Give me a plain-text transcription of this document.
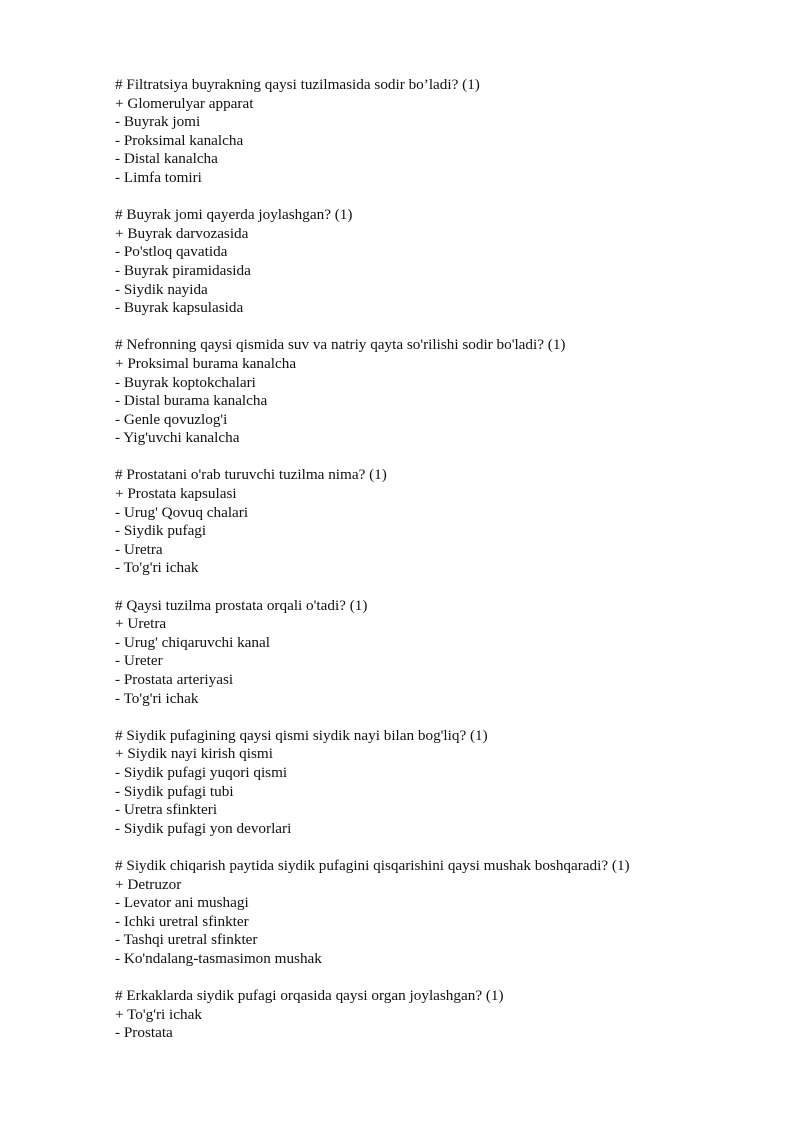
# Filtratsiya buyrakning qaysi tuzilmasida sodir bo’ladi? (1)
+ Glomerulyar apparat
- Buyrak jomi
- Proksimal kanalcha
- Distal kanalcha
- Limfa tomiri
# Buyrak jomi qayerda joylashgan? (1)
+ Buyrak darvozasida
- Po'stloq qavatida
- Buyrak piramidasida
- Siydik nayida
- Buyrak kapsulasida
# Nefronning qaysi qismida suv va natriy qayta so'rilishi sodir bo'ladi? (1)
+ Proksimal burama kanalcha
- Buyrak koptokchalari
- Distal burama kanalcha
- Genle qovuzlog'i
- Yig'uvchi kanalcha
# Prostatani o'rab turuvchi tuzilma nima? (1)
+ Prostata kapsulasi
- Urug' Qovuq chalari
- Siydik pufagi
- Uretra
- To'g'ri ichak
# Qaysi tuzilma prostata orqali o'tadi? (1)
+ Uretra
- Urug' chiqaruvchi kanal
- Ureter
- Prostata arteriyasi
- To'g'ri ichak
# Siydik pufagining qaysi qismi siydik nayi bilan bog'liq? (1)
+ Siydik nayi kirish qismi
- Siydik pufagi yuqori qismi
- Siydik pufagi tubi
- Uretra sfinkteri
- Siydik pufagi yon devorlari
# Siydik chiqarish paytida siydik pufagini qisqarishini qaysi mushak boshqaradi? (1)
+ Detruzor
- Levator ani mushagi
- Ichki uretral sfinkter
- Tashqi uretral sfinkter
- Ko'ndalang-tasmasimon mushak
# Erkaklarda siydik pufagi orqasida qaysi organ joylashgan? (1)
+ To'g'ri ichak
- Prostata
